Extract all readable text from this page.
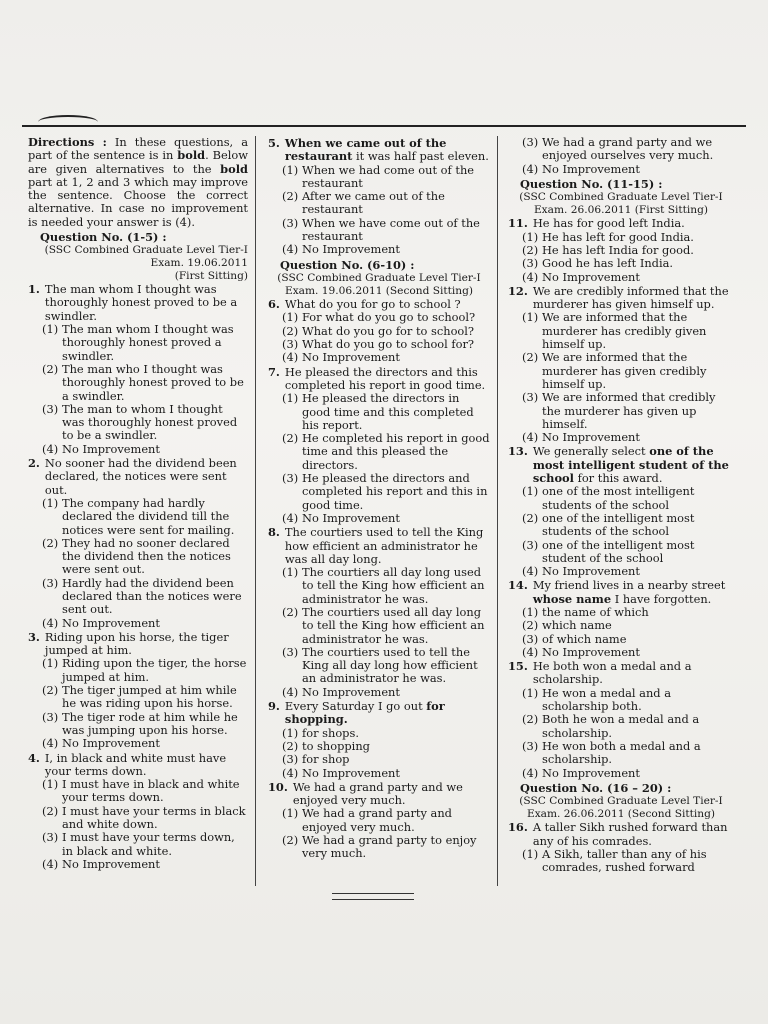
Directions : In these questions, a part of the sentence is in bold. Below are given alternatives to the bold part at 1, 2 and 3 which may improve the sentence. Choose the correct alternative. In case no improvement is needed your answer is (4).

Question No. (1-5) :
(SSC Combined Graduate Level Tier-I Exam. 19.06.2011
(First Sitting)
1. The man whom I thought was thoroughly honest proved to be a swindler.
(1) The man whom I thought was thoroughly honest proved a swindler.
(2) The man who I thought was thoroughly honest proved to be a swindler.
(3) The man to whom I thought was thoroughly honest proved to be a swindler.
(4) No Improvement
2. No sooner had the dividend been declared, the notices were sent out.
(1) The company had hardly declared the dividend till the notices were sent for mailing.
(2) They had no sooner declared the dividend then the notices were sent out.
(3) Hardly had the dividend been declared than the notices were sent out.
(4) No Improvement
3. Riding upon his horse, the tiger jumped at him.
(1) Riding upon the tiger, the horse jumped at him.
(2) The tiger jumped at him while he was riding upon his horse.
(3) The tiger rode at him while he was jumping upon his horse.
(4) No Improvement
4. I, in black and white must have your terms down.
(1) I must have in black and white your terms down.
(2) I must have your terms in black and white down.
(3) I must have your terms down, in black and white.
(4) No Improvement
5. When we came out of the restaurant it was half past eleven.
(1) When we had come out of the restaurant
(2) After we came out of the restaurant
(3) When we have come out of the restaurant
(4) No Improvement
Question No. (6-10) :
(SSC Combined Graduate Level Tier-I Exam. 19.06.2011 (Second Sitting)
6. What do you for go to school ?
(1) For what do you go to school?
(2) What do you go for to school?
(3) What do you go to school for?
(4) No Improvement
7. He pleased the directors and this completed his report in good time.
(1) He pleased the directors in good time and this completed his report.
(2) He completed his report in good time and this pleased the directors.
(3) He pleased the directors and completed his report and this in good time.
(4) No Improvement
8. The courtiers used to tell the King how efficient an administrator he was all day long.
(1) The courtiers all day long used to tell the King how efficient an administrator he was.
(2) The courtiers used all day long to tell the King how efficient an administrator he was.
(3) The courtiers used to tell the King all day long how efficient an administrator he was.
(4) No Improvement
9. Every Saturday I go out for shopping.
(1) for shops.
(2) to shopping
(3) for shop
(4) No Improvement
10. We had a grand party and we enjoyed very much.
(1) We had a grand party and enjoyed very much.
(2) We had a grand party to enjoy very much.
(3) We had a grand party and we enjoyed ourselves very much.
(4) No Improvement
Question No. (11-15) :
(SSC Combined Graduate Level Tier-I Exam. 26.06.2011 (First Sitting)
11. He has for good left India.
(1) He has left for good India.
(2) He has left India for good.
(3) Good he has left India.
(4) No Improvement
12. We are credibly informed that the murderer has given himself up.
(1) We are informed that the murderer has credibly given himself up.
(2) We are informed that the murderer has given credibly himself up.
(3) We are informed that credibly the murderer has given up himself.
(4) No Improvement
13. We generally select one of the most intelligent student of the school for this award.
(1) one of the most intelligent students of the school
(2) one of the intelligent most students of the school
(3) one of the intelligent most student of the school
(4) No Improvement
14. My friend lives in a nearby street whose name I have forgotten.
(1) the name of which
(2) which name
(3) of which name
(4) No Improvement
15. He both won a medal and a scholarship.
(1) He won a medal and a scholarship both.
(2) Both he won a medal and a scholarship.
(3) He won both a medal and a scholarship.
(4) No Improvement
Question No. (16 – 20) :
(SSC Combined Graduate Level Tier-I Exam. 26.06.2011 (Second Sitting)
16. A taller Sikh rushed forward than any of his comrades.
(1) A Sikh, taller than any of his comrades, rushed forward
